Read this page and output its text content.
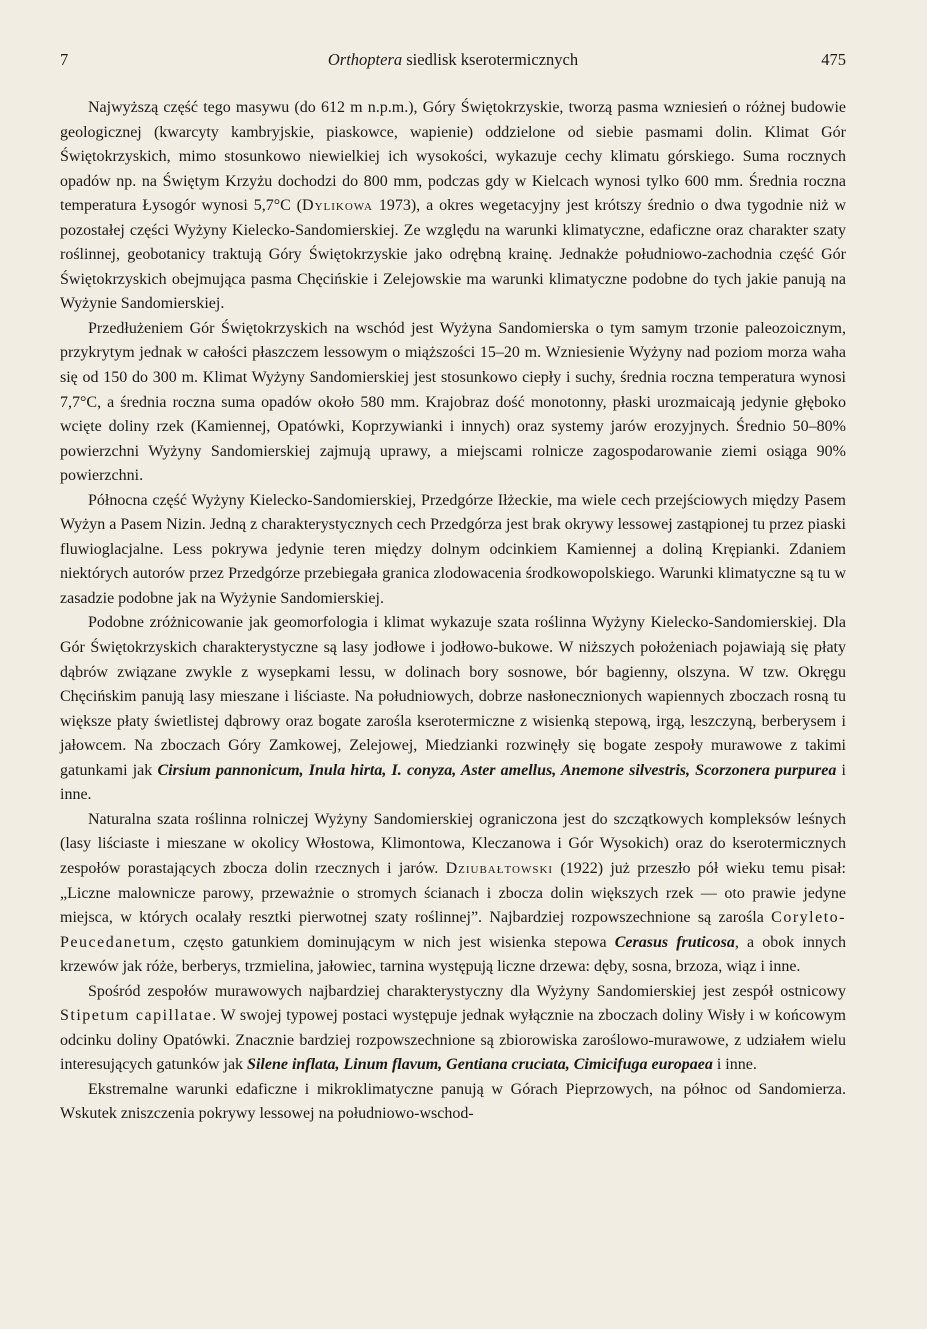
7	Orthoptera siedlisk kserotermicznych	475

Najwyższą część tego masywu (do 612 m n.p.m.), Góry Świętokrzyskie, tworzą pasma wzniesień o różnej budowie geologicznej (kwarcyty kambryjskie, piaskowce, wapienie) oddzielone od siebie pasmami dolin. Klimat Gór Świętokrzyskich, mimo stosunkowo niewielkiej ich wysokości, wykazuje cechy klimatu górskiego. Suma rocznych opadów np. na Świętym Krzyżu dochodzi do 800 mm, podczas gdy w Kielcach wynosi tylko 600 mm. Średnia roczna temperatura Łysogór wynosi 5,7°C (Dylikowa 1973), a okres wegetacyjny jest krótszy średnio o dwa tygodnie niż w pozostałej części Wyżyny Kielecko-Sandomierskiej. Ze względu na warunki klimatyczne, edaficzne oraz charakter szaty roślinnej, geobotanicy traktują Góry Świętokrzyskie jako odrębną krainę. Jednakże południowo-zachodnia część Gór Świętokrzyskich obejmująca pasma Chęcińskie i Zelejowskie ma warunki klimatyczne podobne do tych jakie panują na Wyżynie Sandomierskiej.

Przedłużeniem Gór Świętokrzyskich na wschód jest Wyżyna Sandomierska o tym samym trzonie paleozoicznym, przykrytym jednak w całości płaszczem lessowym o miąższości 15–20 m. Wzniesienie Wyżyny nad poziom morza waha się od 150 do 300 m. Klimat Wyżyny Sandomierskiej jest stosunkowo ciepły i suchy, średnia roczna temperatura wynosi 7,7°C, a średnia roczna suma opadów około 580 mm. Krajobraz dość monotonny, płaski urozmaicają jedynie głęboko wcięte doliny rzek (Kamiennej, Opatówki, Koprzywianki i innych) oraz systemy jarów erozyjnych. Średnio 50–80% powierzchni Wyżyny Sandomierskiej zajmują uprawy, a miejscami rolnicze zagospodarowanie ziemi osiąga 90% powierzchni.

Północna część Wyżyny Kielecko-Sandomierskiej, Przedgórze Iłżeckie, ma wiele cech przejściowych między Pasem Wyżyn a Pasem Nizin. Jedną z charakterystycznych cech Przedgórza jest brak okrywy lessowej zastąpionej tu przez piaski fluwioglacjalne. Less pokrywa jedynie teren między dolnym odcinkiem Kamiennej a doliną Krępianki. Zdaniem niektórych autorów przez Przedgórze przebiegała granica zlodowacenia środkowopolskiego. Warunki klimatyczne są tu w zasadzie podobne jak na Wyżynie Sandomierskiej.

Podobne zróżnicowanie jak geomorfologia i klimat wykazuje szata roślinna Wyżyny Kielecko-Sandomierskiej. Dla Gór Świętokrzyskich charakterystyczne są lasy jodłowe i jodłowo-bukowe. W niższych położeniach pojawiają się płaty dąbrów związane zwykle z wysepkami lessu, w dolinach bory sosnowe, bór bagienny, olszyna. W tzw. Okręgu Chęcińskim panują lasy mieszane i liściaste. Na południowych, dobrze nasłonecznionych wapiennych zboczach rosną tu większe płaty świetlistej dąbrowy oraz bogate zarośla kserotermiczne z wisienką stepową, irgą, leszczyną, berberysem i jałowcem. Na zboczach Góry Zamkowej, Zelejowej, Miedzianki rozwinęły się bogate zespoły murawowe z takimi gatunkami jak Cirsium pannonicum, Inula hirta, I. conyza, Aster amellus, Anemone silvestris, Scorzonera purpurea i inne.

Naturalna szata roślinna rolniczej Wyżyny Sandomierskiej ograniczona jest do szczątkowych kompleksów leśnych (lasy liściaste i mieszane w okolicy Włostowa, Klimontowa, Kleczanowa i Gór Wysokich) oraz do kserotermicznych zespołów porastających zbocza dolin rzecznych i jarów. Dziubałtowski (1922) już przeszło pół wieku temu pisał: „Liczne malownicze parowy, przeważnie o stromych ścianach i zbocza dolin większych rzek — oto prawie jedyne miejsca, w których ocalały resztki pierwotnej szaty roślinnej”. Najbardziej rozpowszechnione są zarośla Coryleto-Peucedanetum, często gatunkiem dominującym w nich jest wisienka stepowa Cerasus fruticosa, a obok innych krzewów jak róże, berberys, trzmielina, jałowiec, tarnina występują liczne drzewa: dęby, sosna, brzoza, wiąz i inne.

Spośród zespołów murawowych najbardziej charakterystyczny dla Wyżyny Sandomierskiej jest zespół ostnicowy Stipetum capillatae. W swojej typowej postaci występuje jednak wyłącznie na zboczach doliny Wisły i w końcowym odcinku doliny Opatówki. Znacznie bardziej rozpowszechnione są zbiorowiska zaroślowo-murawowe, z udziałem wielu interesujących gatunków jak Silene inflata, Linum flavum, Gentiana cruciata, Cimicifuga europaea i inne.

Ekstremalne warunki edaficzne i mikroklimatyczne panują w Górach Pieprzowych, na północ od Sandomierza. Wskutek zniszczenia pokrywy lessowej na południowo-wschod-
